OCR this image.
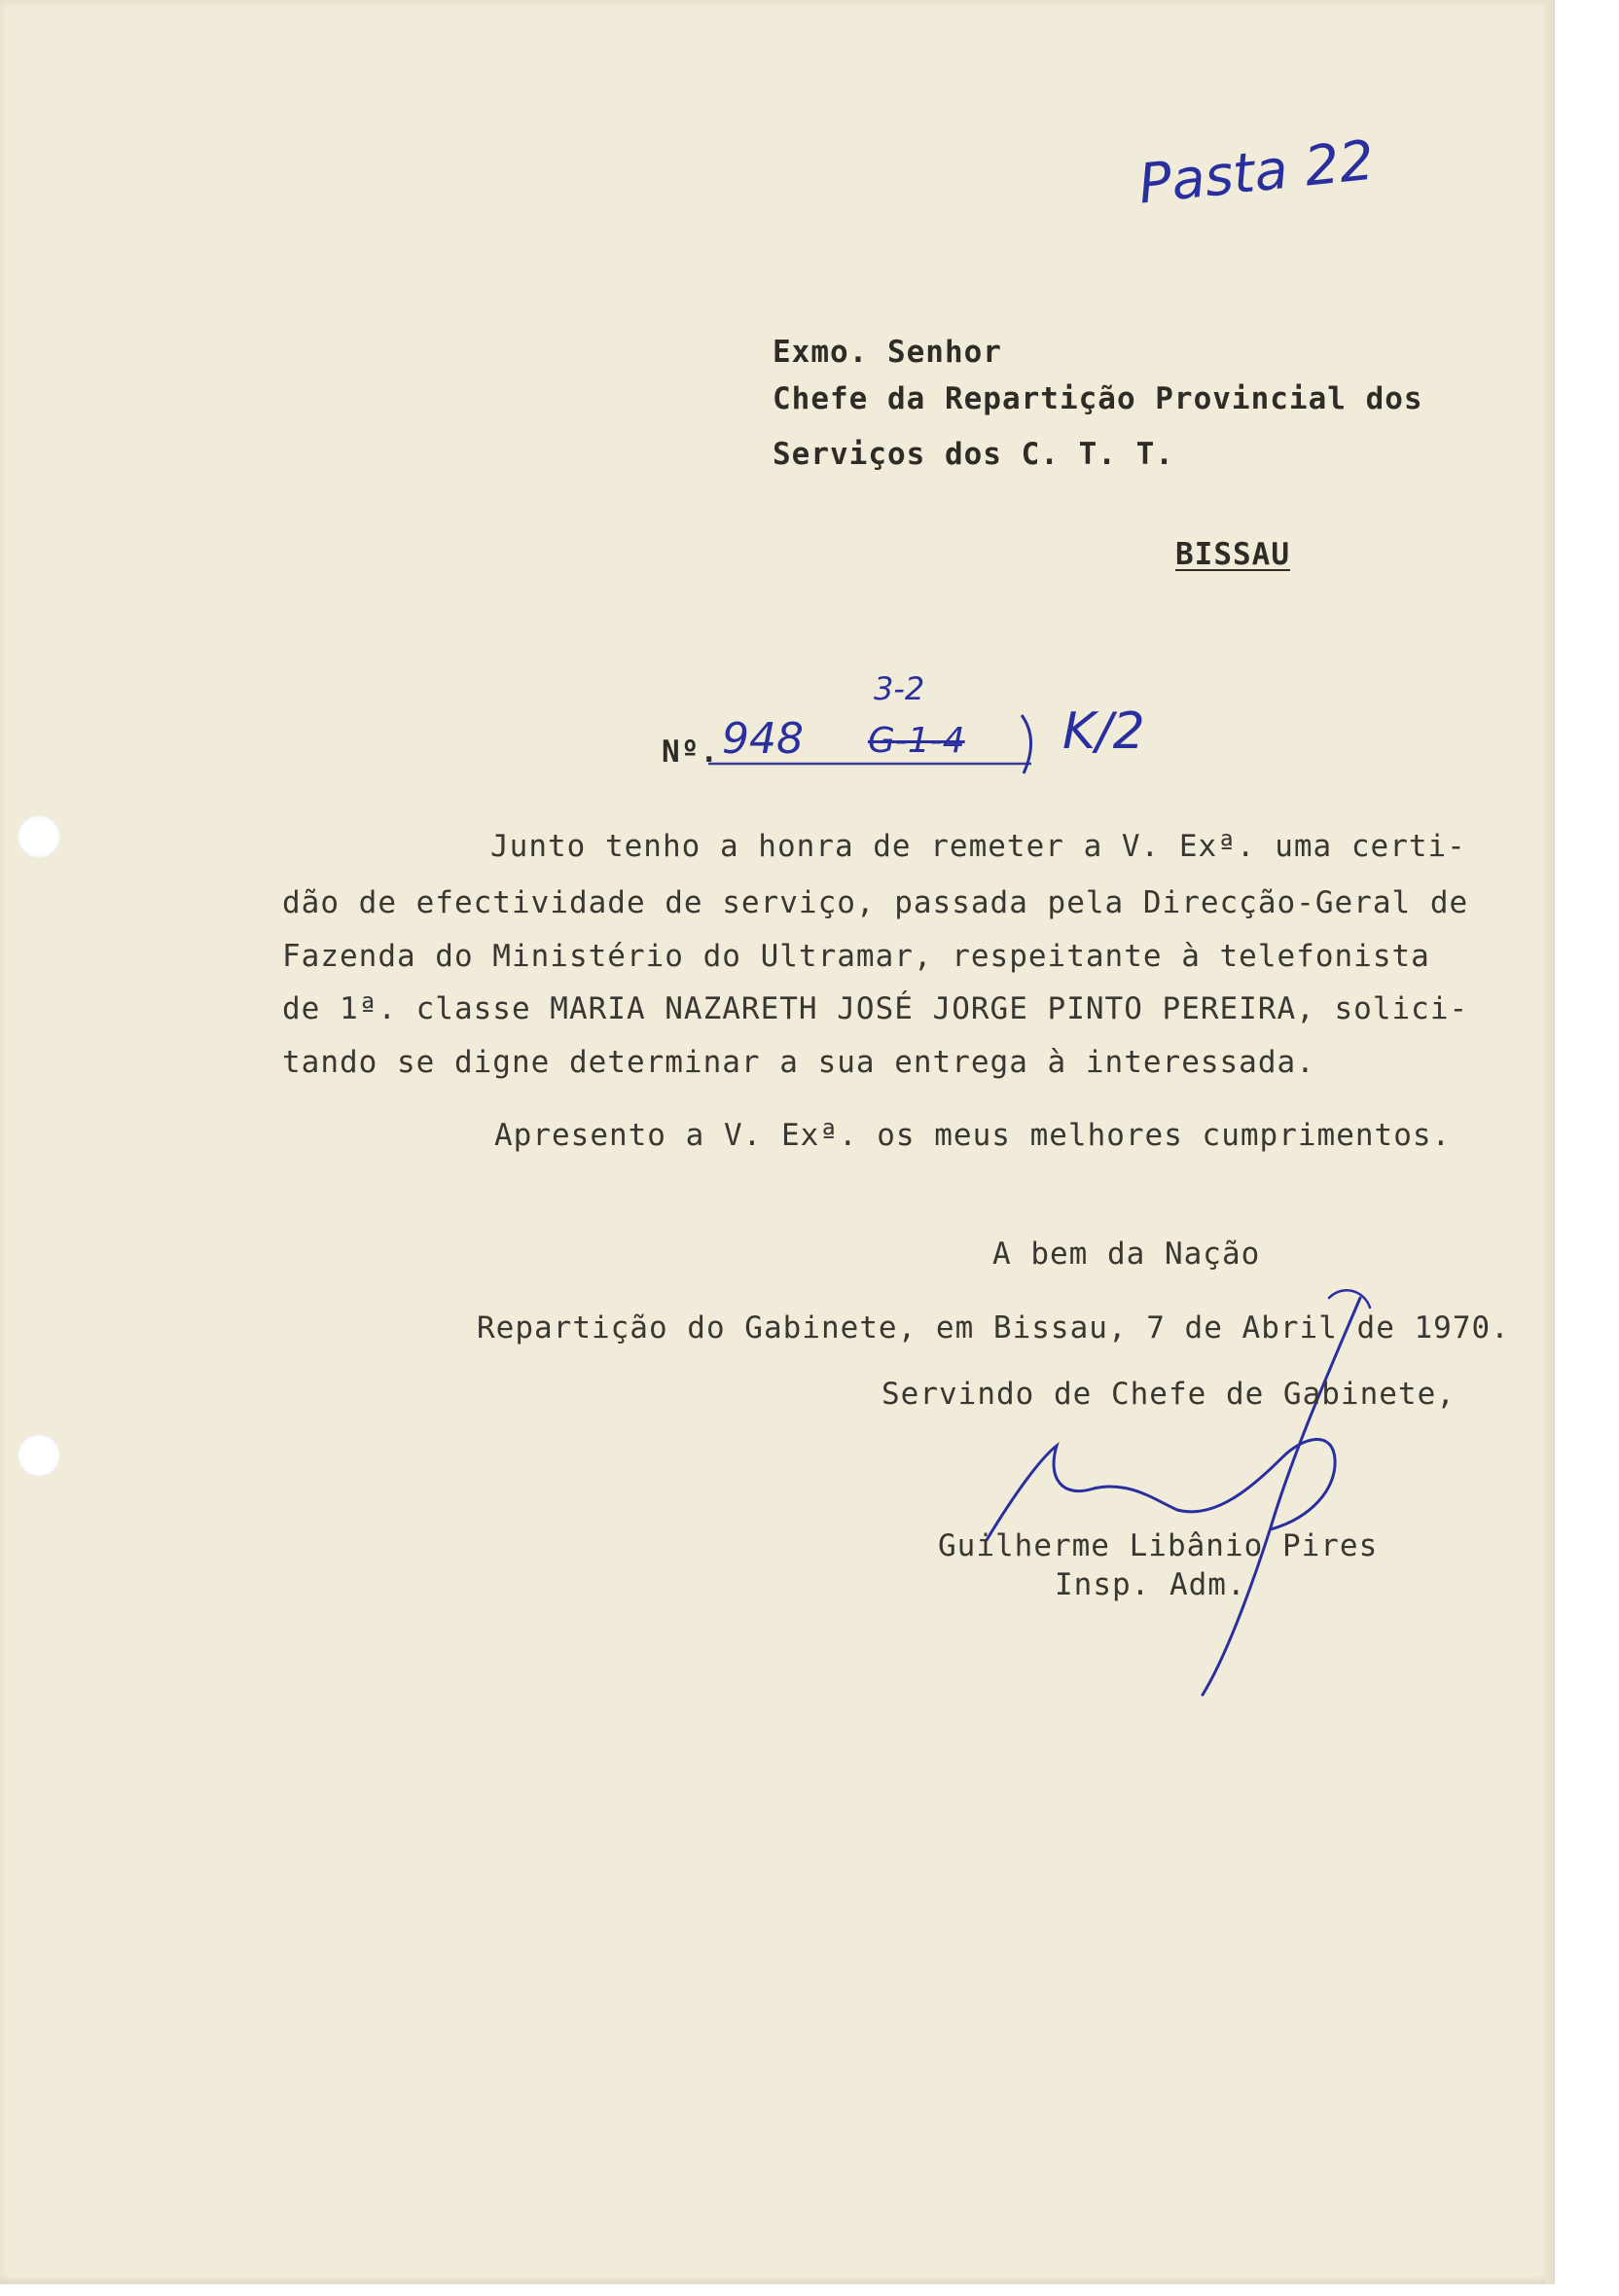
Pasta 22
Exmo. Senhor
Chefe da Repartição Provincial dos
Serviços dos C. T. T.
BISSAU
Nº. 948
3-2
G-1-4 K/2
Junto tenho a honra de remeter a V. Exª. uma certi-
dão de efectividade de serviço, passada pela Direcção-Geral de
Fazenda do Ministério do Ultramar, respeitante à telefonista
de 1ª. classe MARIA NAZARETH JOSÉ JORGE PINTO PEREIRA, solici-
tando se digne determinar a sua entrega à interessada.
Apresento a V. Exª. os meus melhores cumprimentos.
A bem da Nação
Repartição do Gabinete, em Bissau, 7 de Abril de 1970.
Servindo de Chefe de Gabinete,
Guilherme Libânio Pires
Insp. Adm.
